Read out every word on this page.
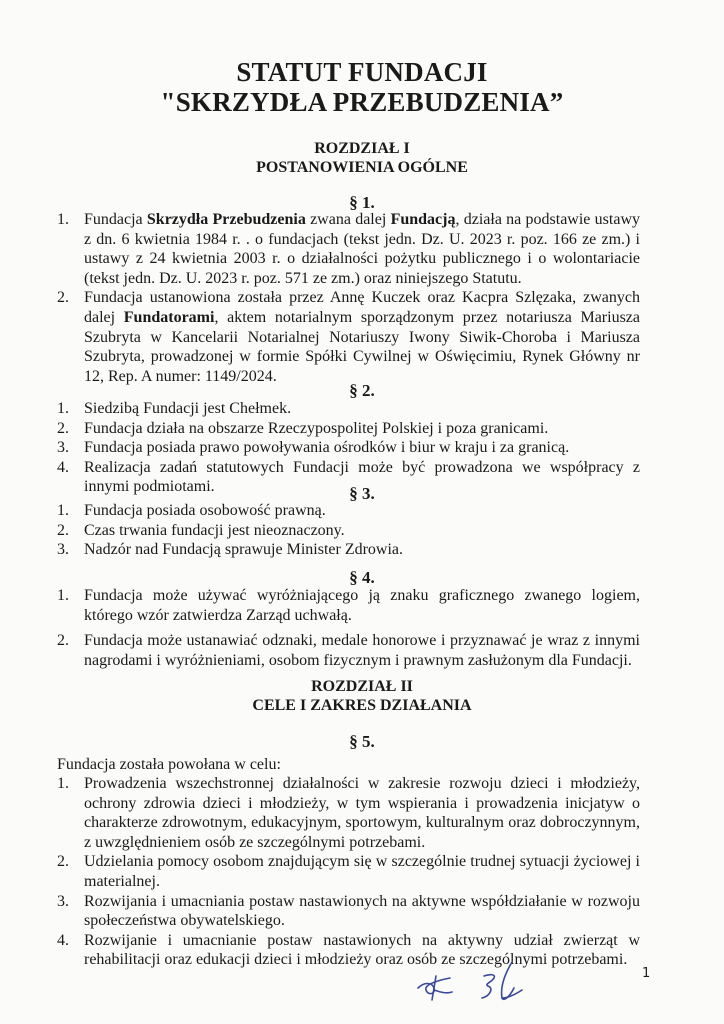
STATUT FUNDACJI
"SKRZYDŁA PRZEBUDZENIA”
ROZDZIAŁ I
POSTANOWIENIA OGÓLNE
§ 1.
1. Fundacja Skrzydła Przebudzenia zwana dalej Fundacją, działa na podstawie ustawy z dn. 6 kwietnia 1984 r. . o fundacjach (tekst jedn. Dz. U. 2023 r. poz. 166 ze zm.) i ustawy z 24 kwietnia 2003 r. o działalności pożytku publicznego i o wolontariacie (tekst jedn. Dz. U. 2023 r. poz. 571 ze zm.) oraz niniejszego Statutu.
2. Fundacja ustanowiona została przez Annę Kuczek oraz Kacpra Szlęzaka, zwanych dalej Fundatorami, aktem notarialnym sporządzonym przez notariusza Mariusza Szubryta w Kancelarii Notarialnej Notariuszy Iwony Siwik-Choroba i Mariusza Szubryta, prowadzonej w formie Spółki Cywilnej w Oświęcimiu, Rynek Główny nr 12, Rep. A numer: 1149/2024.
§ 2.
1. Siedzibą Fundacji jest Chełmek.
2. Fundacja działa na obszarze Rzeczypospolitej Polskiej i poza granicami.
3. Fundacja posiada prawo powoływania ośrodków i biur w kraju i za granicą.
4. Realizacja zadań statutowych Fundacji może być prowadzona we współpracy z innymi podmiotami.	§ 3.
1. Fundacja posiada osobowość prawną.
2. Czas trwania fundacji jest nieoznaczony.
3. Nadzór nad Fundacją sprawuje Minister Zdrowia.
§ 4.
1. Fundacja może używać wyróżniającego ją znaku graficznego zwanego logiem, którego wzór zatwierdza Zarząd uchwałą.
2. Fundacja może ustanawiać odznaki, medale honorowe i przyznawać je wraz z innymi nagrodami i wyróżnieniami, osobom fizycznym i prawnym zasłużonym dla Fundacji.
ROZDZIAŁ II
CELE I ZAKRES DZIAŁANIA
§ 5.
Fundacja została powołana w celu:
1. Prowadzenia wszechstronnej działalności w zakresie rozwoju dzieci i młodzieży, ochrony zdrowia dzieci i młodzieży, w tym wspierania i prowadzenia inicjatyw o charakterze zdrowotnym, edukacyjnym, sportowym, kulturalnym oraz dobroczynnym, z uwzględnieniem osób ze szczególnymi potrzebami.
2. Udzielania pomocy osobom znajdującym się w szczególnie trudnej sytuacji życiowej i materialnej.
3. Rozwijania i umacniania postaw nastawionych na aktywne współdziałanie w rozwoju społeczeństwa obywatelskiego.
4. Rozwijanie i umacnianie postaw nastawionych na aktywny udział zwierząt w rehabilitacji oraz edukacji dzieci i młodzieży oraz osób ze szczególnymi potrzebami.
1
